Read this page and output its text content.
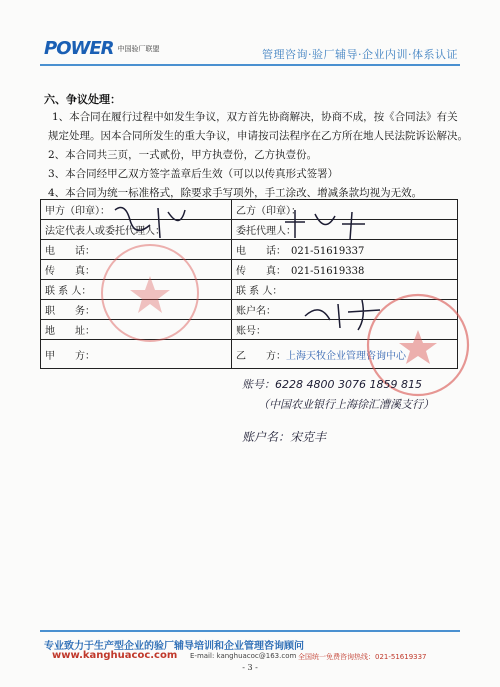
POWER 中国验厂联盟	管理咨询·验厂辅导·企业内训·体系认证
六、争议处理：
1、本合同在履行过程中如发生争议，双方首先协商解决，协商不成，按《合同法》有关规定处理。因本合同所发生的重大争议，申请按司法程序在乙方所在地人民法院诉讼解决。
2、本合同共三页，一式贰份，甲方执壹份，乙方执壹份。
3、本合同经甲乙双方签字盖章后生效（可以以传真形式签署）
4、本合同为统一标准格式，除要求手写项外，手工涂改、增减条款均视为无效。
甲方（印章）：	乙方（印章）：
法定代表人或委托代理人：	委托代理人：
电　　话：	电　　话：　021-51619337
传　　真：	传　　真：　021-51619338
联 系 人：	联 系 人：
职　　务：	账户名：
地　　址：	账号：
甲　　方：	乙　　方：上海天牧企业管理咨询中心
账号：6228 4800 3076 1859 815
（中国农业银行上海徐汇漕溪支行）
账户名：宋克丰
专业致力于生产型企业的验厂辅导培训和企业管理咨询顾问
www.kanghuacoc.com E-mail: kanghuacoc@163.com 全国统一免费咨询热线：021-51619337
- 3 -
